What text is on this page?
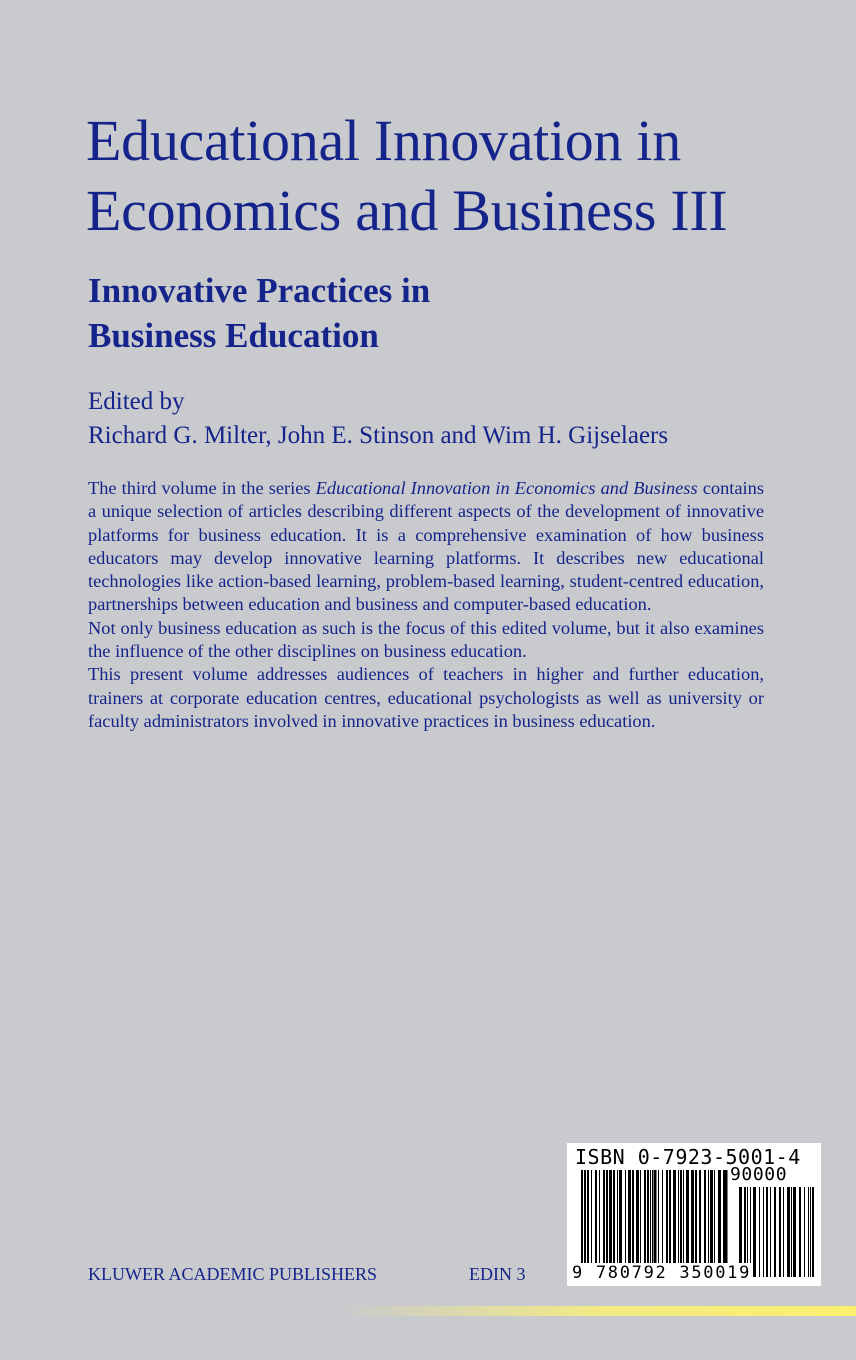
Educational Innovation in
Economics and Business III
Innovative Practices in
Business Education
Edited by
Richard G. Milter, John E. Stinson and Wim H. Gijselaers

The third volume in the series Educational Innovation in Economics and Business contains a unique selection of articles describing different aspects of the development of innovative platforms for business education. It is a comprehensive examination of how business educators may develop innovative learning platforms. It describes new educational technologies like action-based learning, problem-based learning, student-centred education, partnerships between education and business and computer-based education.

Not only business education as such is the focus of this edited volume, but it also examines the influence of the other disciplines on business education.

This present volume addresses audiences of teachers in higher and further education, trainers at corporate education centres, educational psychologists as well as university or faculty administrators involved in innovative practices in business education.

KLUWER ACADEMIC PUBLISHERS	EDIN 3
ISBN 0-7923-5001-4
90000
9 780792 350019
